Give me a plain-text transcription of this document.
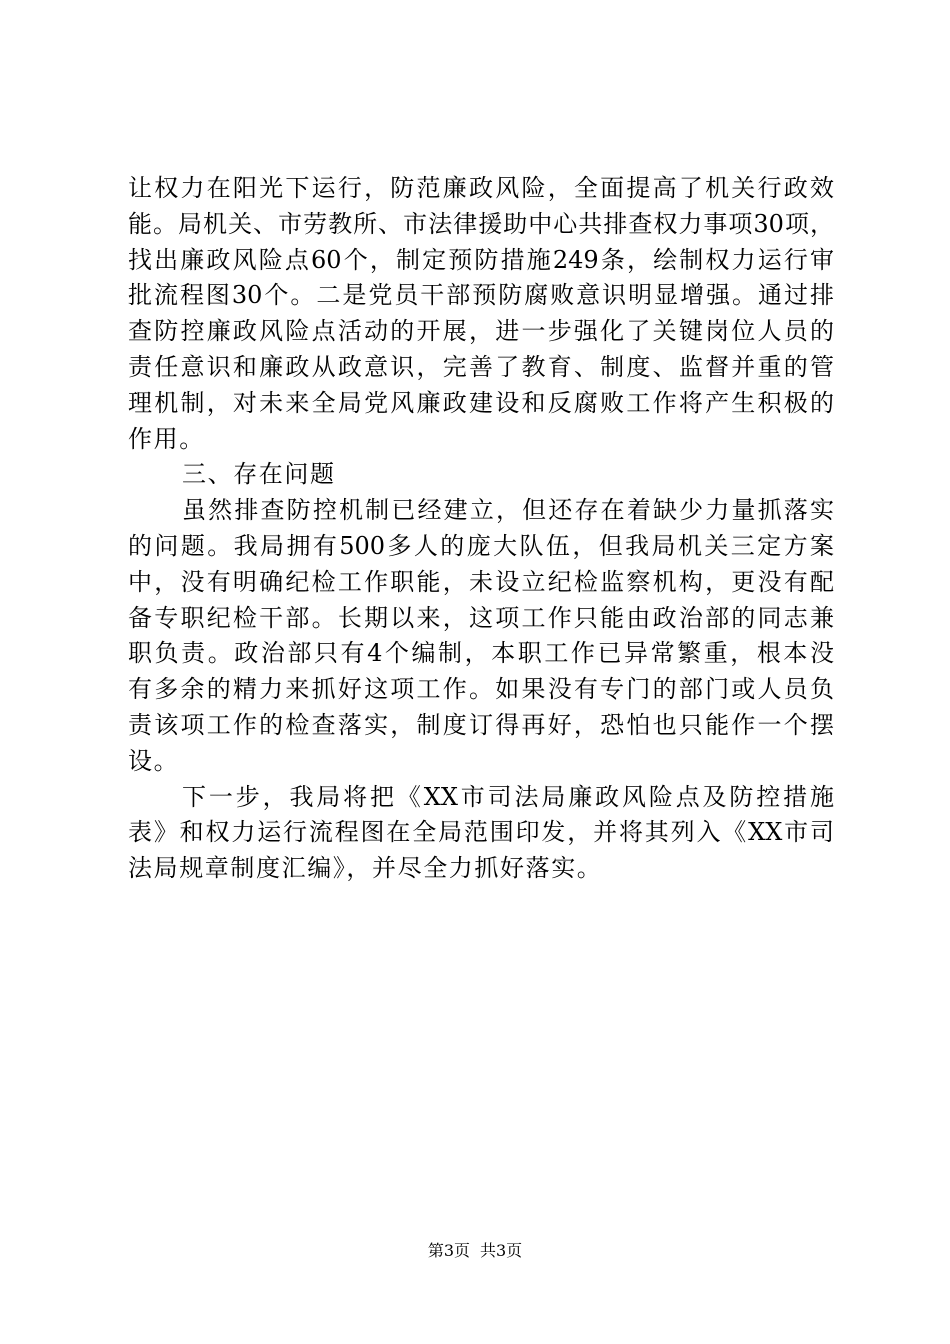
让权力在阳光下运行，防范廉政风险，全面提高了机关行政效
能。局机关、市劳教所、市法律援助中心共排查权力事项30项，
找出廉政风险点60个，制定预防措施249条，绘制权力运行审
批流程图30个。二是党员干部预防腐败意识明显增强。通过排
查防控廉政风险点活动的开展，进一步强化了关键岗位人员的
责任意识和廉政从政意识，完善了教育、制度、监督并重的管
理机制，对未来全局党风廉政建设和反腐败工作将产生积极的
作用。
三、存在问题
虽然排查防控机制已经建立，但还存在着缺少力量抓落实
的问题。我局拥有500多人的庞大队伍，但我局机关三定方案
中，没有明确纪检工作职能，未设立纪检监察机构，更没有配
备专职纪检干部。长期以来，这项工作只能由政治部的同志兼
职负责。政治部只有4个编制，本职工作已异常繁重，根本没
有多余的精力来抓好这项工作。如果没有专门的部门或人员负
责该项工作的检查落实，制度订得再好，恐怕也只能作一个摆
设。
下一步，我局将把《XX市司法局廉政风险点及防控措施
表》和权力运行流程图在全局范围印发，并将其列入《XX市司
法局规章制度汇编》，并尽全力抓好落实。
第3页 共3页
